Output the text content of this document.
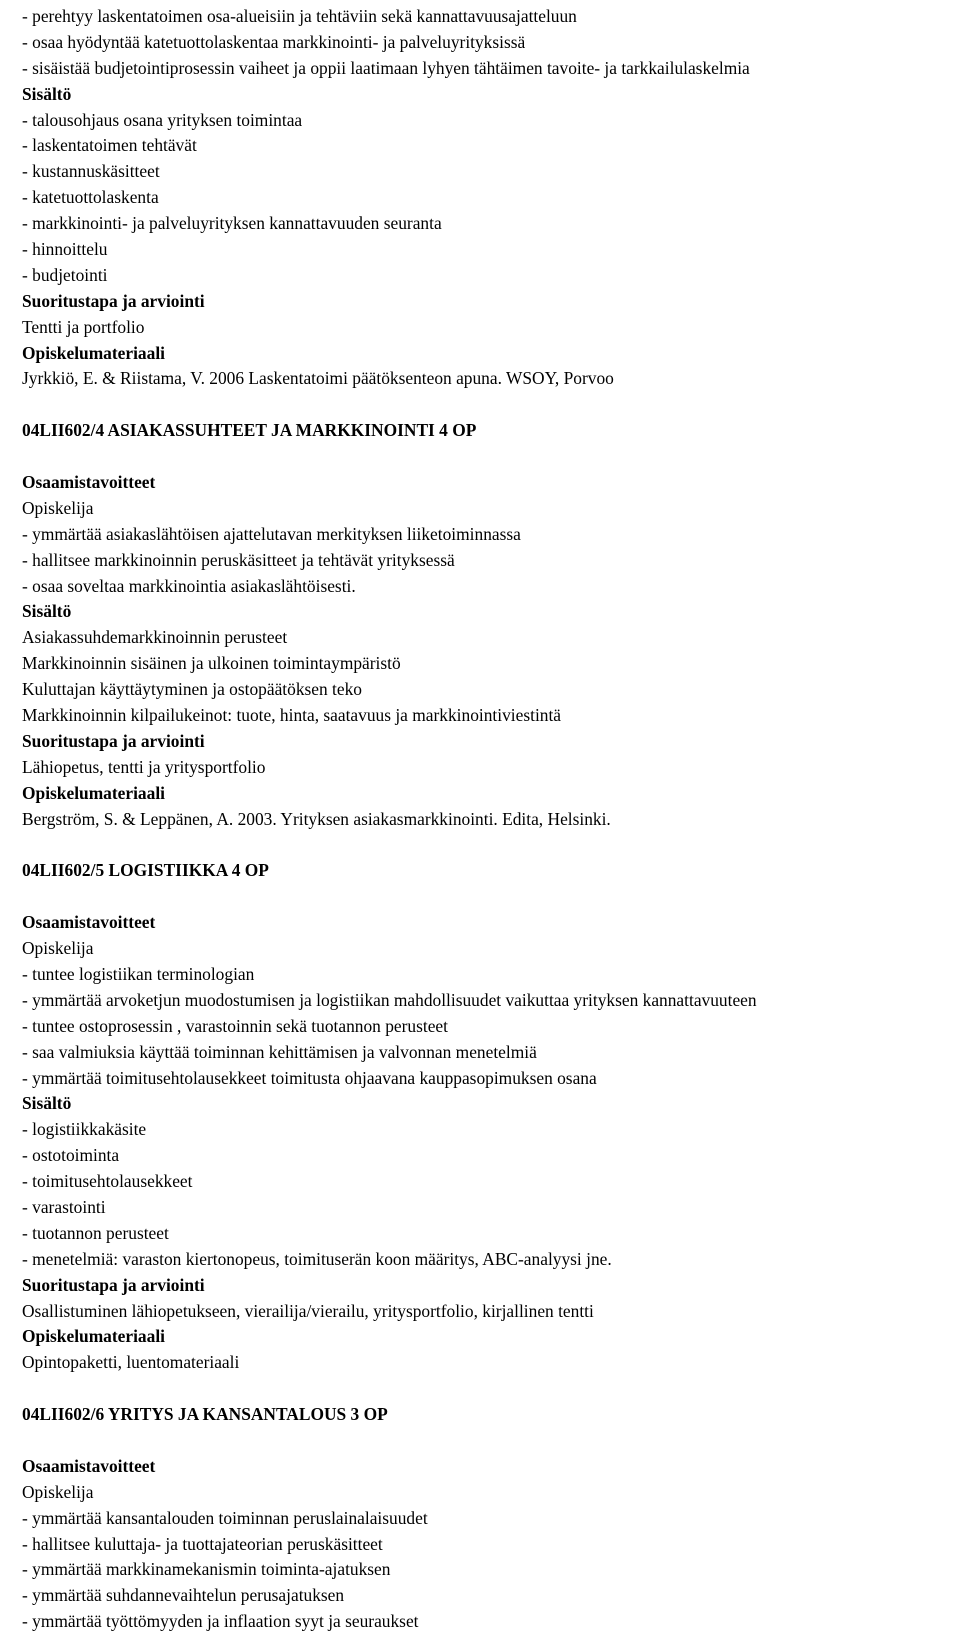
- perehtyy laskentatoimen osa-alueisiin ja tehtäviin sekä kannattavuusajatteluun
- osaa hyödyntää katetuottolaskentaa markkinointi- ja palveluyrityksissä
- sisäistää budjetointiprosessin vaiheet ja oppii laatimaan lyhyen tähtäimen tavoite- ja tarkkailulaskelmia
Sisältö
- talousohjaus osana yrityksen toimintaa
- laskentatoimen tehtävät
- kustannuskäsitteet
- katetuottolaskenta
- markkinointi- ja palveluyrityksen kannattavuuden seuranta
- hinnoittelu
- budjetointi
Suoritustapa ja arviointi
Tentti ja portfolio
Opiskelumateriaali
Jyrkkiö, E. & Riistama, V. 2006 Laskentatoimi päätöksenteon apuna. WSOY, Porvoo
04LII602/4 ASIAKASSUHTEET JA MARKKINOINTI 4 OP
Osaamistavoitteet
Opiskelija
- ymmärtää asiakaslähtöisen ajattelutavan merkityksen liiketoiminnassa
- hallitsee markkinoinnin peruskäsitteet ja tehtävät yrityksessä
- osaa soveltaa markkinointia asiakaslähtöisesti.
Sisältö
Asiakassuhdemarkkinoinnin perusteet
Markkinoinnin sisäinen ja ulkoinen toimintaympäristö
Kuluttajan käyttäytyminen ja ostopäätöksen teko
Markkinoinnin kilpailukeinot: tuote, hinta, saatavuus ja markkinointiviestintä
Suoritustapa ja arviointi
Lähiopetus, tentti ja yritysportfolio
Opiskelumateriaali
Bergström, S. & Leppänen, A. 2003. Yrityksen asiakasmarkkinointi. Edita, Helsinki.
04LII602/5 LOGISTIIKKA 4 OP
Osaamistavoitteet
Opiskelija
- tuntee logistiikan terminologian
- ymmärtää arvoketjun muodostumisen ja logistiikan mahdollisuudet vaikuttaa yrityksen kannattavuuteen
- tuntee ostoprosessin , varastoinnin sekä tuotannon perusteet
- saa valmiuksia käyttää toiminnan kehittämisen ja valvonnan menetelmiä
- ymmärtää toimitusehtolausekkeet toimitusta ohjaavana kauppasopimuksen osana
Sisältö
- logistiikkakäsite
- ostotoiminta
- toimitusehtolausekkeet
- varastointi
- tuotannon perusteet
- menetelmiä: varaston kiertonopeus, toimituserän koon määritys, ABC-analyysi jne.
Suoritustapa ja arviointi
Osallistuminen lähiopetukseen, vierailija/vierailu, yritysportfolio, kirjallinen tentti
Opiskelumateriaali
Opintopaketti, luentomateriaali
04LII602/6 YRITYS JA KANSANTALOUS 3 OP
Osaamistavoitteet
Opiskelija
- ymmärtää kansantalouden toiminnan peruslainalaisuudet
- hallitsee kuluttaja- ja tuottajateorian peruskäsitteet
- ymmärtää markkinamekanismin toiminta-ajatuksen
- ymmärtää suhdannevaihtelun perusajatuksen
- ymmärtää työttömyyden ja inflaation syyt ja seuraukset
